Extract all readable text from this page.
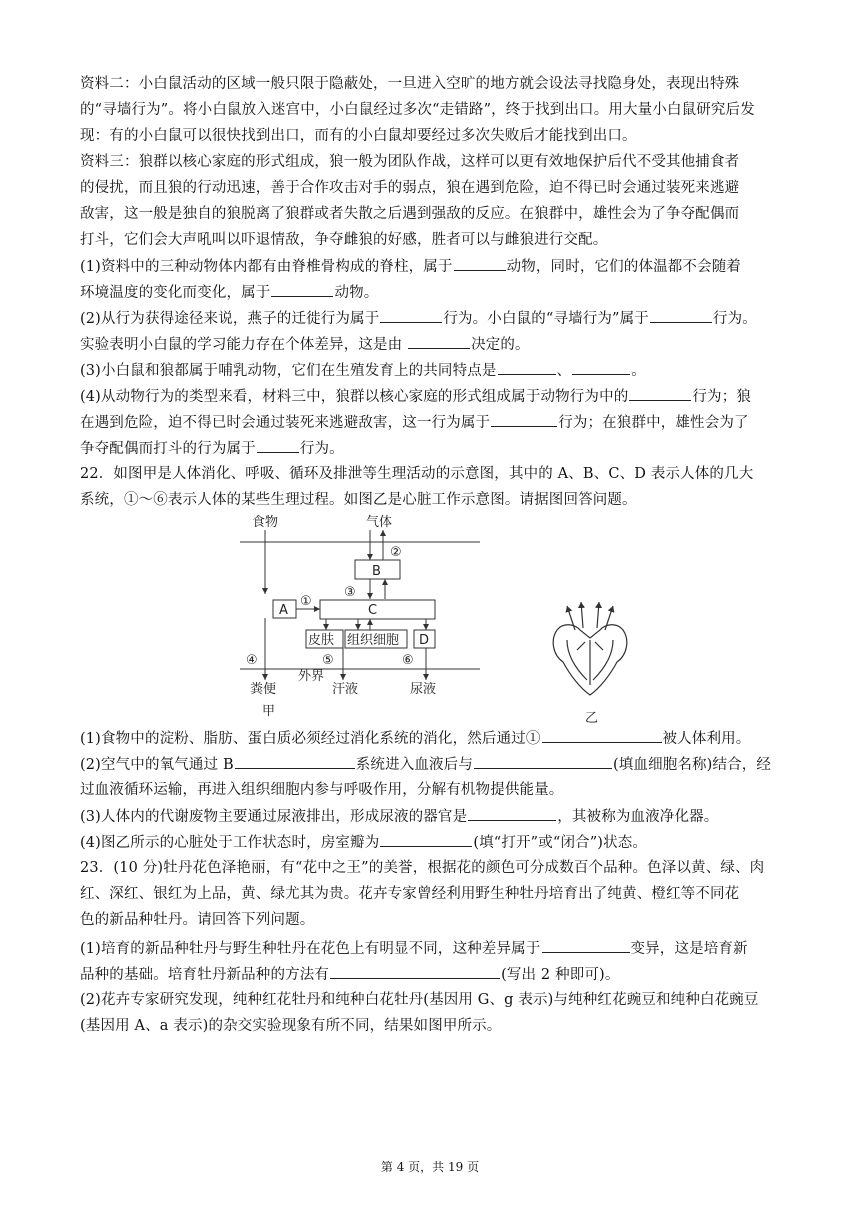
资料二：小白鼠活动的区域一般只限于隐蔽处，一旦进入空旷的地方就会设法寻找隐身处，表现出特殊
的“寻墙行为”。将小白鼠放入迷宫中，小白鼠经过多次“走错路”，终于找到出口。用大量小白鼠研究后发
现：有的小白鼠可以很快找到出口，而有的小白鼠却要经过多次失败后才能找到出口。
资料三：狼群以核心家庭的形式组成，狼一般为团队作战，这样可以更有效地保护后代不受其他捕食者
的侵扰，而且狼的行动迅速，善于合作攻击对手的弱点，狼在遇到危险，迫不得已时会通过装死来逃避
敌害，这一般是独自的狼脱离了狼群或者失散之后遇到强敌的反应。在狼群中，雄性会为了争夺配偶而
打斗，它们会大声吼叫以吓退情敌，争夺雌狼的好感，胜者可以与雌狼进行交配。
(1)资料中的三种动物体内都有由脊椎骨构成的脊柱，属于	动物，同时，它们的体温都不会随着
环境温度的变化而变化，属于	动物。
(2)从行为获得途径来说，燕子的迁徙行为属于	行为。小白鼠的“寻墙行为”属于	行为。
实验表明小白鼠的学习能力存在个体差异，这是由	决定的。
(3)小白鼠和狼都属于哺乳动物，它们在生殖发育上的共同特点是	、	。
(4)从动物行为的类型来看，材料三中，狼群以核心家庭的形式组成属于动物行为中的	行为；狼
在遇到危险，迫不得已时会通过装死来逃避敌害，这一行为属于	行为；在狼群中，雄性会为了
争夺配偶而打斗的行为属于	行为。
22．如图甲是人体消化、呼吸、循环及排泄等生理活动的示意图，其中的 A、B、C、D 表示人体的几大
系统，①～⑥表示人体的某些生理过程。如图乙是心脏工作示意图。请据图回答问题。
食物	气体
B
C
A
D
皮肤 组织细胞
外界
粪便	汗液	尿液
②
③
①
④	⑤	⑥
甲	乙
(1)食物中的淀粉、脂肪、蛋白质必须经过消化系统的消化，然后通过①	被人体利用。
(2)空气中的氧气通过 B	系统进入血液后与	(填血细胞名称)结合，经
过血液循环运输，再进入组织细胞内参与呼吸作用，分解有机物提供能量。
(3)人体内的代谢废物主要通过尿液排出，形成尿液的器官是	，其被称为血液净化器。
(4)图乙所示的心脏处于工作状态时，房室瓣为	(填“打开”或“闭合”)状态。
23．(10 分)牡丹花色泽艳丽，有“花中之王”的美誉，根据花的颜色可分成数百个品种。色泽以黄、绿、肉
红、深红、银红为上品，黄、绿尤其为贵。花卉专家曾经利用野生种牡丹培育出了纯黄、橙红等不同花
色的新品种牡丹。请回答下列问题。
(1)培育的新品种牡丹与野生种牡丹在花色上有明显不同，这种差异属于	变异，这是培育新
品种的基础。培育牡丹新品种的方法有	(写出 2 种即可)。
(2)花卉专家研究发现，纯种红花牡丹和纯种白花牡丹(基因用 G、g 表示)与纯种红花豌豆和纯种白花豌豆
(基因用 A、a 表示)的杂交实验现象有所不同，结果如图甲所示。
第 4 页，共 19 页
